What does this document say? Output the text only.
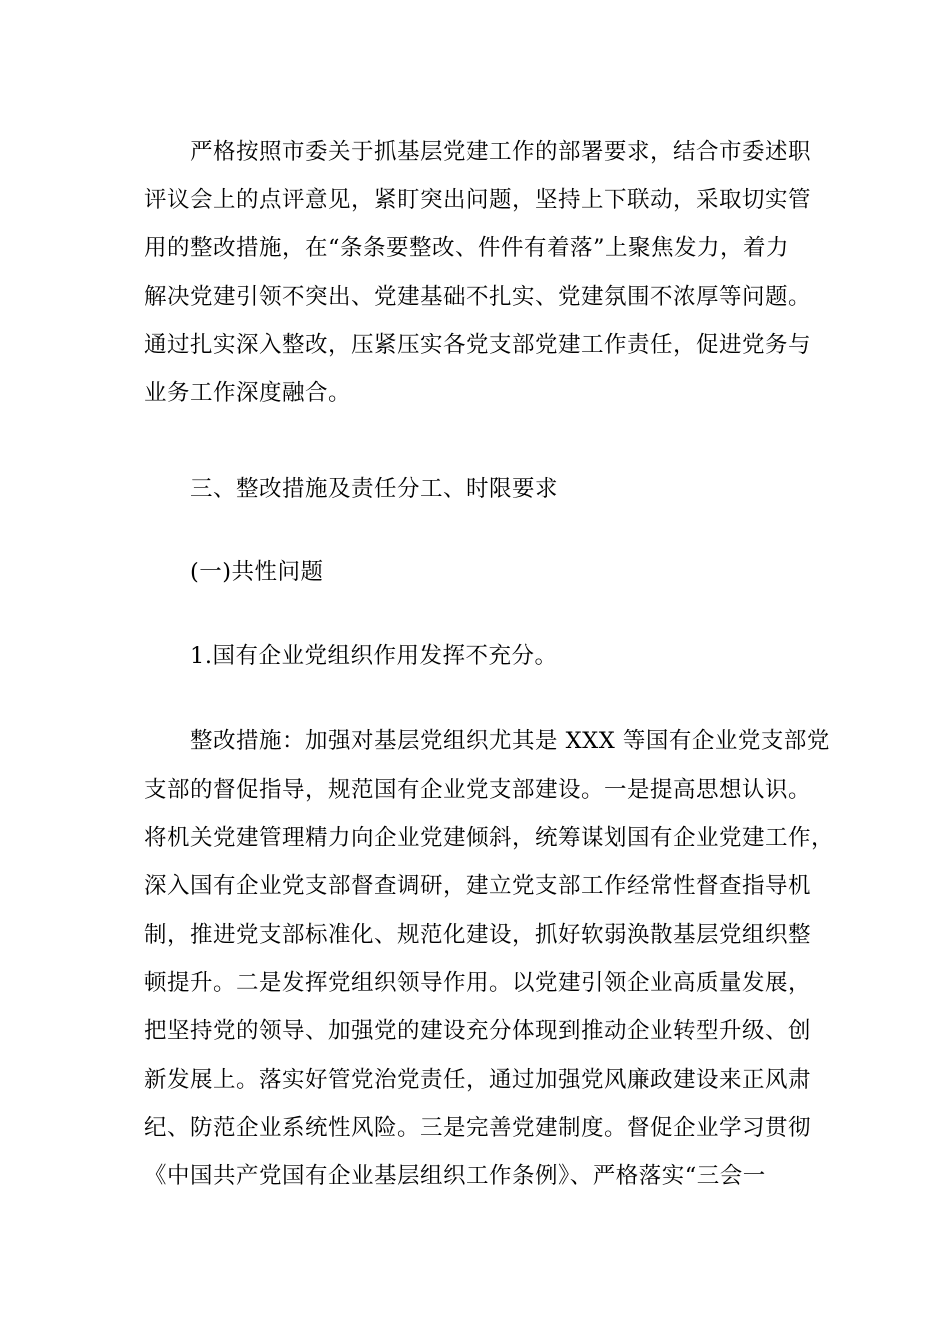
严格按照市委关于抓基层党建工作的部署要求，结合市委述职
评议会上的点评意见，紧盯突出问题，坚持上下联动，采取切实管
用的整改措施，在“条条要整改、件件有着落”上聚焦发力，着力
解决党建引领不突出、党建基础不扎实、党建氛围不浓厚等问题。
通过扎实深入整改，压紧压实各党支部党建工作责任，促进党务与
业务工作深度融合。
三、整改措施及责任分工、时限要求
(一)共性问题
1.国有企业党组织作用发挥不充分。
整改措施：加强对基层党组织尤其是 XXX 等国有企业党支部党
支部的督促指导，规范国有企业党支部建设。一是提高思想认识。
将机关党建管理精力向企业党建倾斜，统筹谋划国有企业党建工作，
深入国有企业党支部督查调研，建立党支部工作经常性督查指导机
制，推进党支部标准化、规范化建设，抓好软弱涣散基层党组织整
顿提升。二是发挥党组织领导作用。以党建引领企业高质量发展，
把坚持党的领导、加强党的建设充分体现到推动企业转型升级、创
新发展上。落实好管党治党责任，通过加强党风廉政建设来正风肃
纪、防范企业系统性风险。三是完善党建制度。督促企业学习贯彻
《中国共产党国有企业基层组织工作条例》、严格落实“三会一
